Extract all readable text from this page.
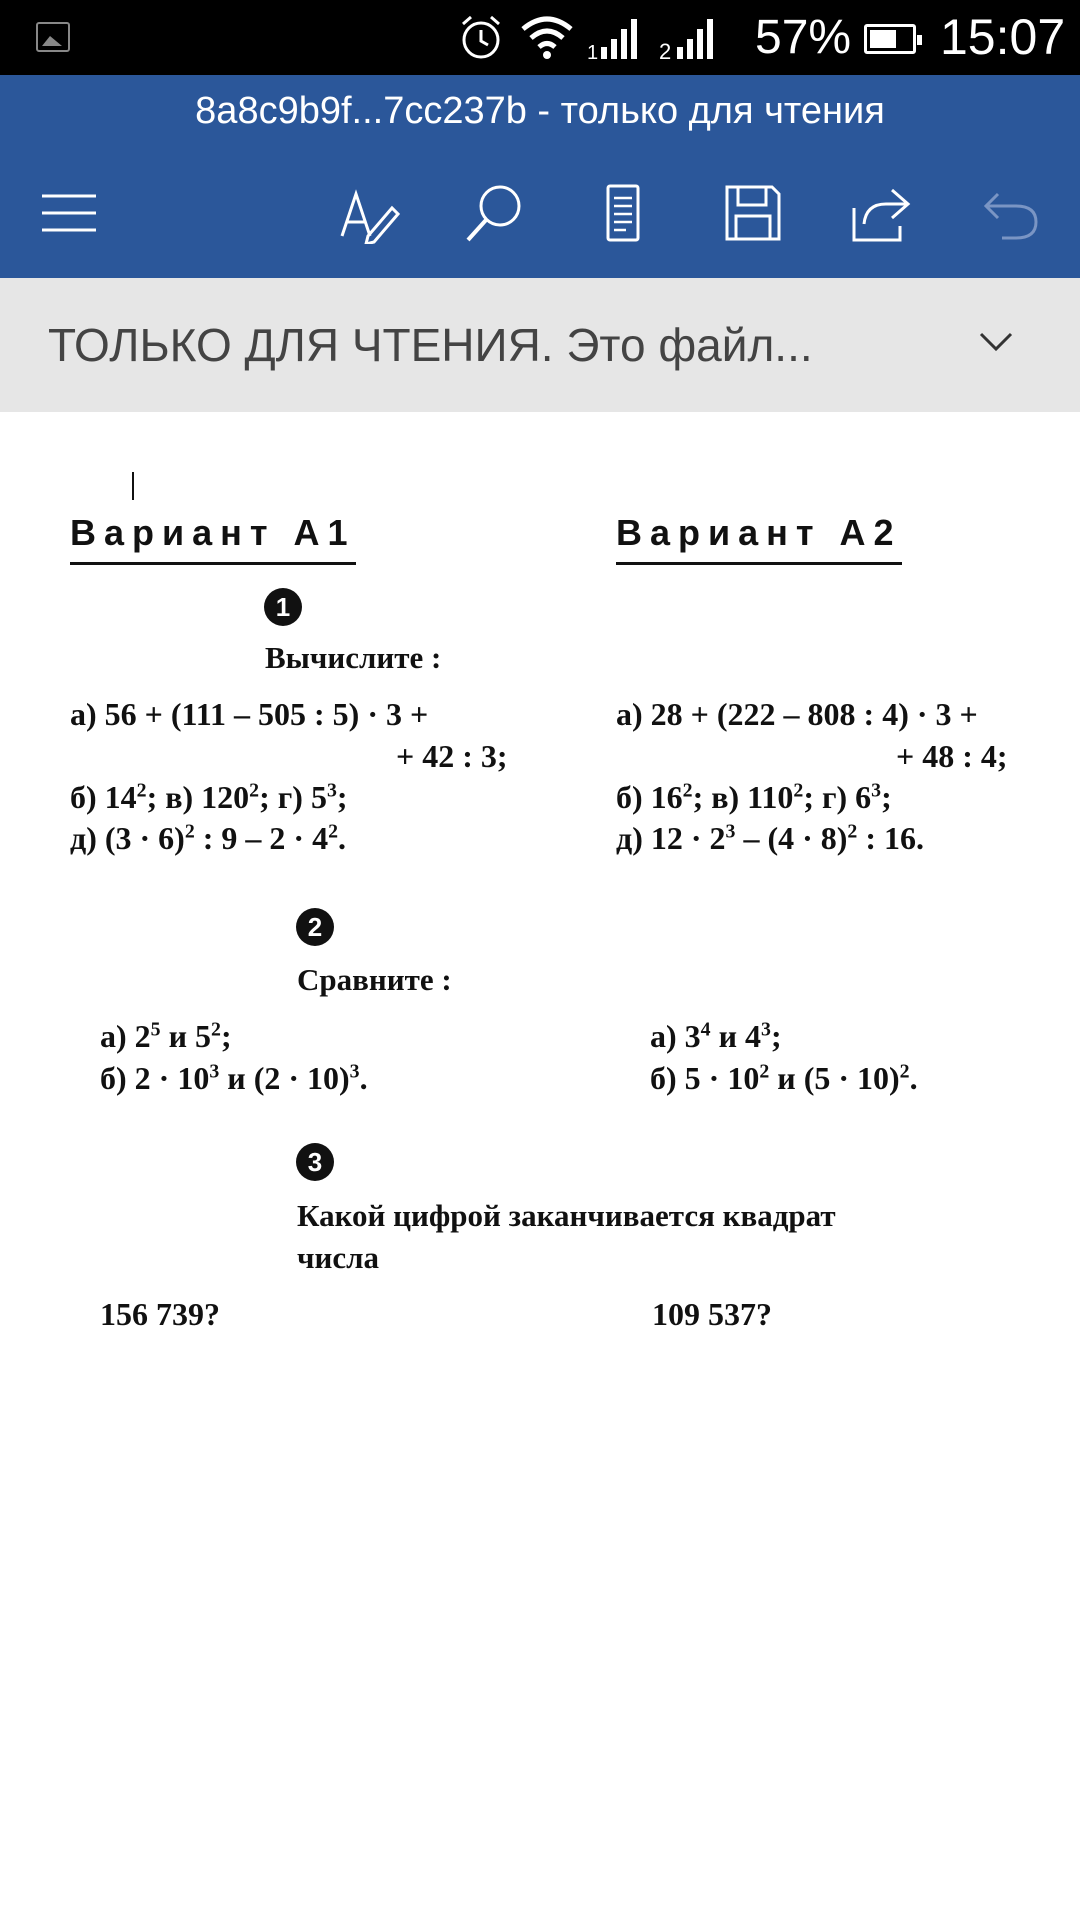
1	2 57% 15:07
8a8c9b9f...7cc237b - только для чтения
ТОЛЬКО ДЛЯ ЧТЕНИЯ. Это файл...
Вариант А1	Вариант А2
1
Вычислите :
а) 56 + (111 – 505 : 5) · 3 +
+ 42 : 3;
б) $14^2$; в) $120^2$; г) $5^3$;
д) $(3 \cdot 6)^2$ : $9 - 2 \cdot 4^2$.
а) 28 + (222 – 808 : 4) · 3 +
+ 48 : 4;
б) $16^2$; в) $110^2$; г) $6^3$;
д) $12 \cdot 2^3 - (4 \cdot 8)^2$ : 16.
2
Сравните :
а) $2^5$ и $5^2$;
б) $2 \cdot 10^3$ и $(2 \cdot 10)^3$.
а) $3^4$ и $4^3$;
б) $5 \cdot 10^2$ и $(5 \cdot 10)^2$.
3
Какой цифрой заканчивается квадрат
числа
156 739?	109 537?
